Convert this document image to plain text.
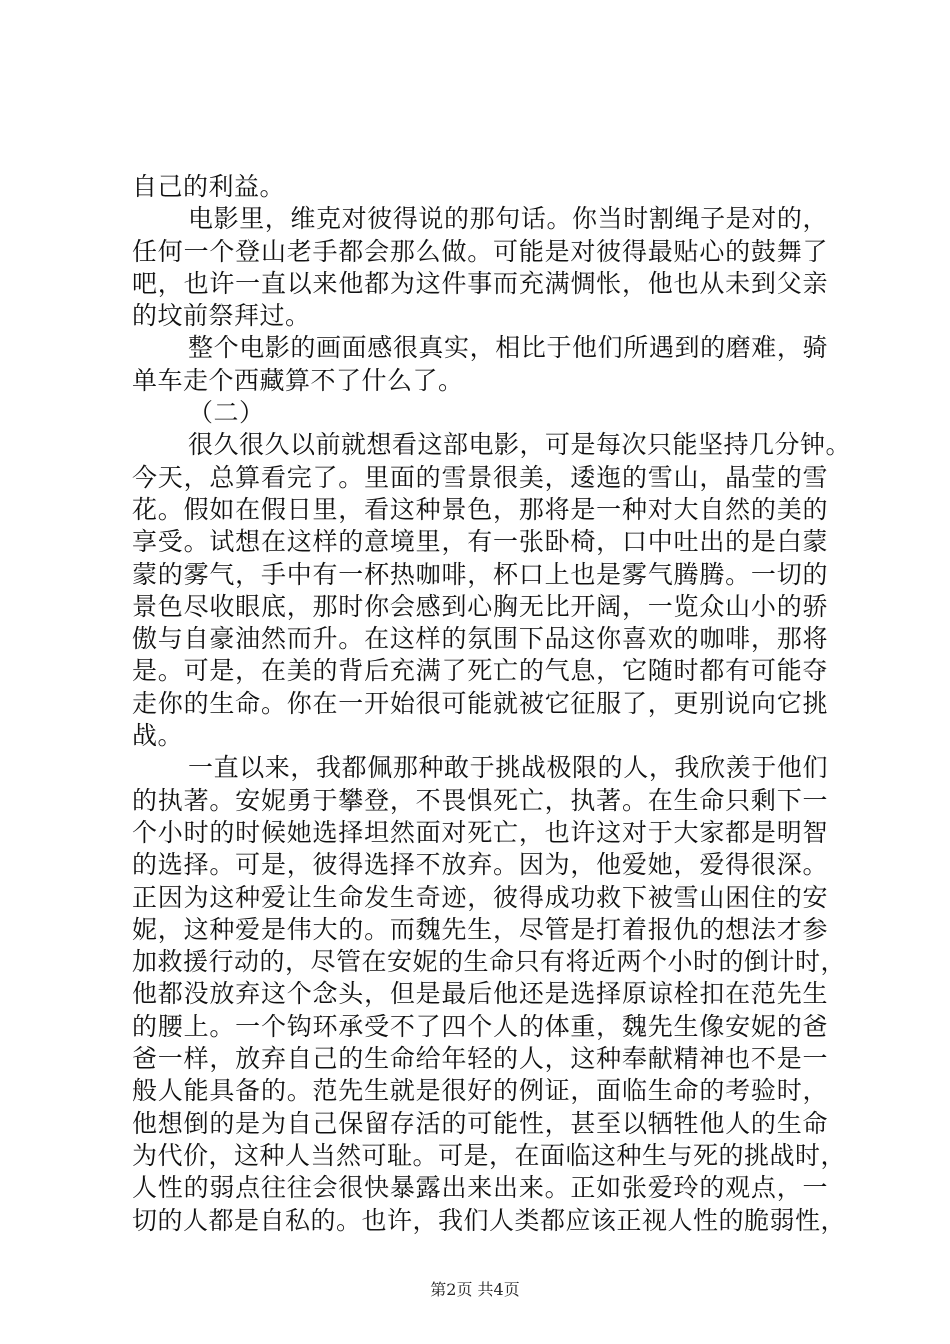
自己的利益。
电影里，维克对彼得说的那句话。你当时割绳子是对的，
任何一个登山老手都会那么做。可能是对彼得最贴心的鼓舞了
吧，也许一直以来他都为这件事而充满惆怅，他也从未到父亲
的坟前祭拜过。
整个电影的画面感很真实，相比于他们所遇到的磨难，骑
单车走个西藏算不了什么了。
（二）
很久很久以前就想看这部电影，可是每次只能坚持几分钟。
今天，总算看完了。里面的雪景很美，逶迤的雪山，晶莹的雪
花。假如在假日里，看这种景色，那将是一种对大自然的美的
享受。试想在这样的意境里，有一张卧椅，口中吐出的是白蒙
蒙的雾气，手中有一杯热咖啡，杯口上也是雾气腾腾。一切的
景色尽收眼底，那时你会感到心胸无比开阔，一览众山小的骄
傲与自豪油然而升。在这样的氛围下品这你喜欢的咖啡，那将
是。可是，在美的背后充满了死亡的气息，它随时都有可能夺
走你的生命。你在一开始很可能就被它征服了，更别说向它挑
战。
一直以来，我都佩那种敢于挑战极限的人，我欣羡于他们
的执著。安妮勇于攀登，不畏惧死亡，执著。在生命只剩下一
个小时的时候她选择坦然面对死亡，也许这对于大家都是明智
的选择。可是，彼得选择不放弃。因为，他爱她，爱得很深。
正因为这种爱让生命发生奇迹，彼得成功救下被雪山困住的安
妮，这种爱是伟大的。而魏先生，尽管是打着报仇的想法才参
加救援行动的，尽管在安妮的生命只有将近两个小时的倒计时，
他都没放弃这个念头，但是最后他还是选择原谅栓扣在范先生
的腰上。一个钩环承受不了四个人的体重，魏先生像安妮的爸
爸一样，放弃自己的生命给年轻的人，这种奉献精神也不是一
般人能具备的。范先生就是很好的例证，面临生命的考验时，
他想倒的是为自己保留存活的可能性，甚至以牺牲他人的生命
为代价，这种人当然可耻。可是，在面临这种生与死的挑战时，
人性的弱点往往会很快暴露出来出来。正如张爱玲的观点，一
切的人都是自私的。也许，我们人类都应该正视人性的脆弱性，
第2页 共4页
